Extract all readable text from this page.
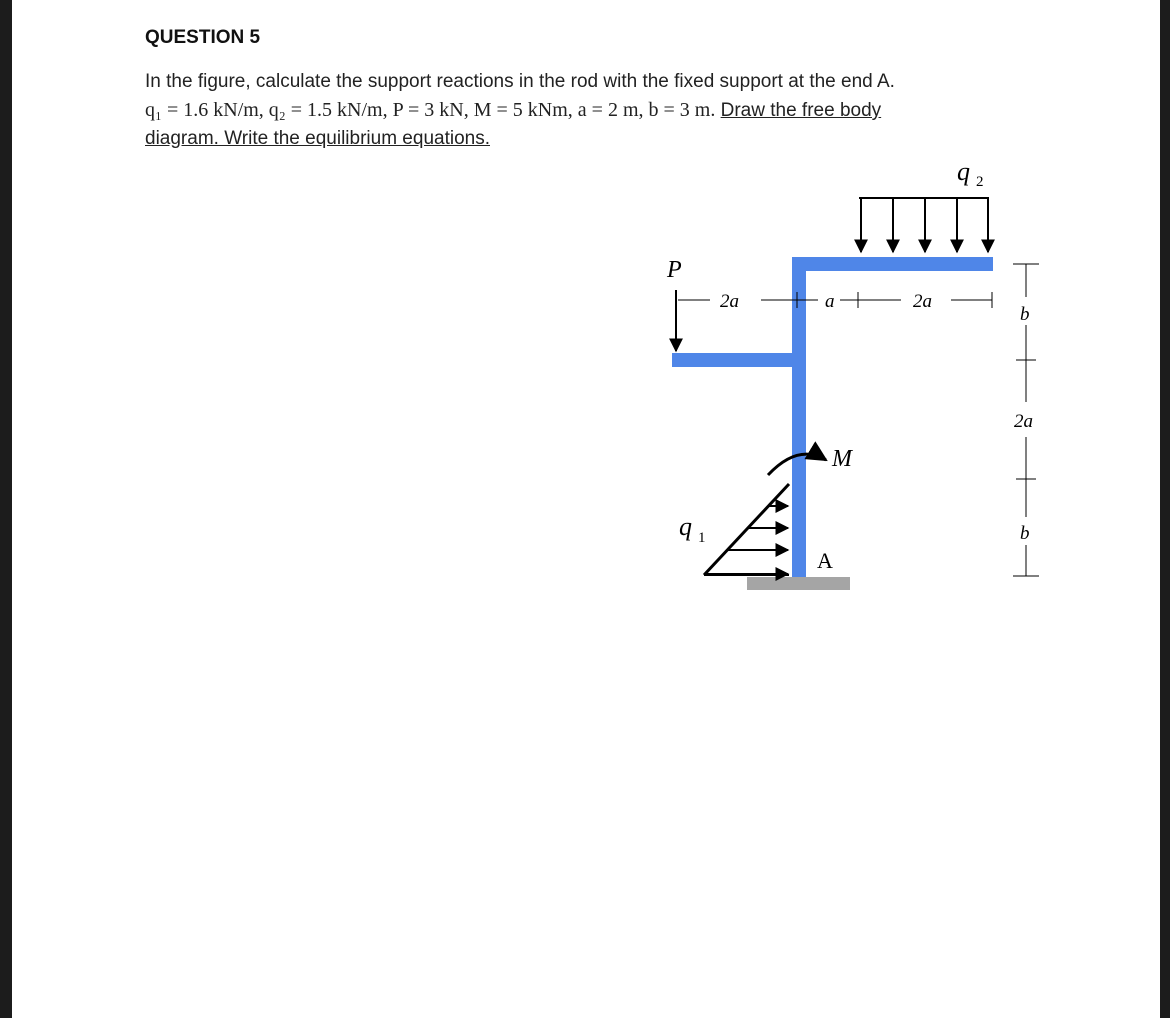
QUESTION 5
In the figure, calculate the support reactions in the rod with the fixed support at the end A.
q₁ = 1.6 kN/m, q₂ = 1.5 kN/m, P = 3 kN, M = 5 kNm, a = 2 m, b = 3 m. Draw the free body
diagram. Write the equilibrium equations.
q 2
P
2a	a	2a
b
2a
b
M
q 1
A
